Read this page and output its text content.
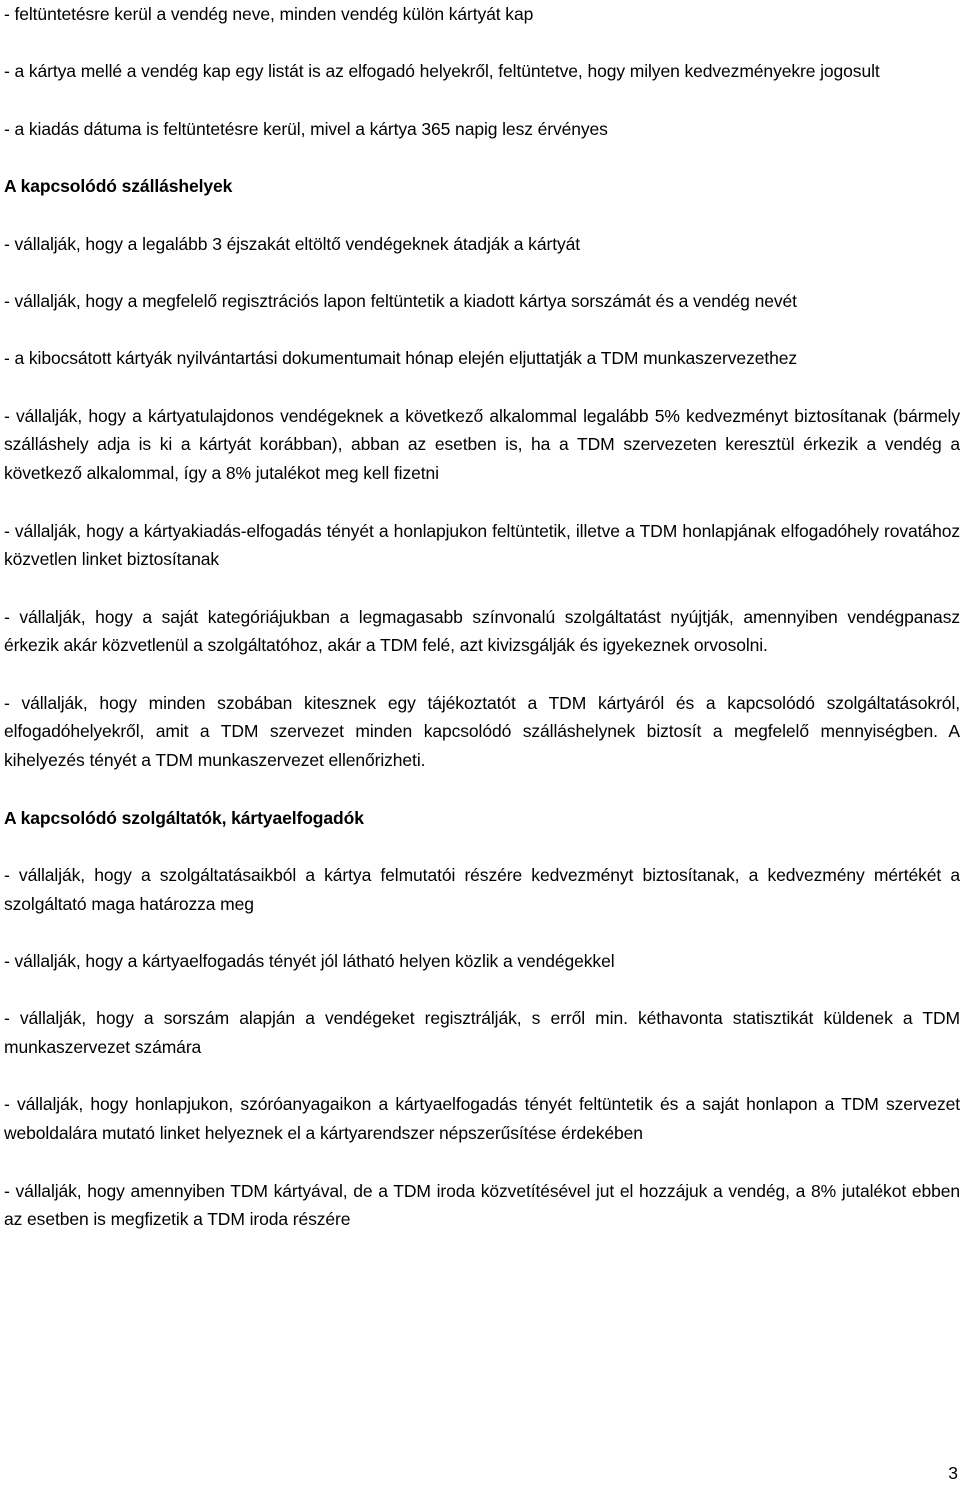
- feltüntetésre kerül a vendég neve, minden vendég külön kártyát kap

- a kártya mellé a vendég kap egy listát is az elfogadó helyekről, feltüntetve, hogy milyen kedvezményekre jogosult

- a kiadás dátuma is feltüntetésre kerül, mivel a kártya 365 napig lesz érvényes

A kapcsolódó szálláshelyek

- vállalják, hogy a legalább 3 éjszakát eltöltő vendégeknek átadják a kártyát

- vállalják, hogy a megfelelő regisztrációs lapon feltüntetik a kiadott kártya sorszámát és a vendég nevét

- a kibocsátott kártyák nyilvántartási dokumentumait hónap elején eljuttatják a TDM munkaszervezethez

- vállalják, hogy a kártyatulajdonos vendégeknek a következő alkalommal legalább 5% kedvezményt biztosítanak (bármely szálláshely adja is ki a kártyát korábban), abban az esetben is, ha a TDM szervezeten keresztül érkezik a vendég a következő alkalommal, így a 8% jutalékot meg kell fizetni

- vállalják, hogy a kártyakiadás-elfogadás tényét a honlapjukon feltüntetik, illetve a TDM honlapjának elfogadóhely rovatához közvetlen linket biztosítanak

- vállalják, hogy a saját kategóriájukban a legmagasabb színvonalú szolgáltatást nyújtják, amennyiben vendégpanasz érkezik akár közvetlenül a szolgáltatóhoz, akár a TDM felé, azt kivizsgálják és igyekeznek orvosolni.

- vállalják, hogy minden szobában kitesznek egy tájékoztatót a TDM kártyáról és a kapcsolódó szolgáltatásokról, elfogadóhelyekről, amit a TDM szervezet minden kapcsolódó szálláshelynek biztosít a megfelelő mennyiségben. A kihelyezés tényét a TDM munkaszervezet ellenőrizheti.

A kapcsolódó szolgáltatók, kártyaelfogadók

- vállalják, hogy a szolgáltatásaikból a kártya felmutatói részére kedvezményt biztosítanak, a kedvezmény mértékét a szolgáltató maga határozza meg

- vállalják, hogy a kártyaelfogadás tényét jól látható helyen közlik a vendégekkel

- vállalják, hogy a sorszám alapján a vendégeket regisztrálják, s erről min. kéthavonta statisztikát küldenek a TDM munkaszervezet számára

- vállalják, hogy honlapjukon, szóróanyagaikon a kártyaelfogadás tényét feltüntetik és a saját honlapon a TDM szervezet weboldalára mutató linket helyeznek el a kártyarendszer népszerűsítése érdekében

- vállalják, hogy amennyiben TDM kártyával, de a TDM iroda közvetítésével jut el hozzájuk a vendég, a 8% jutalékot ebben az esetben is megfizetik a TDM iroda részére

3
